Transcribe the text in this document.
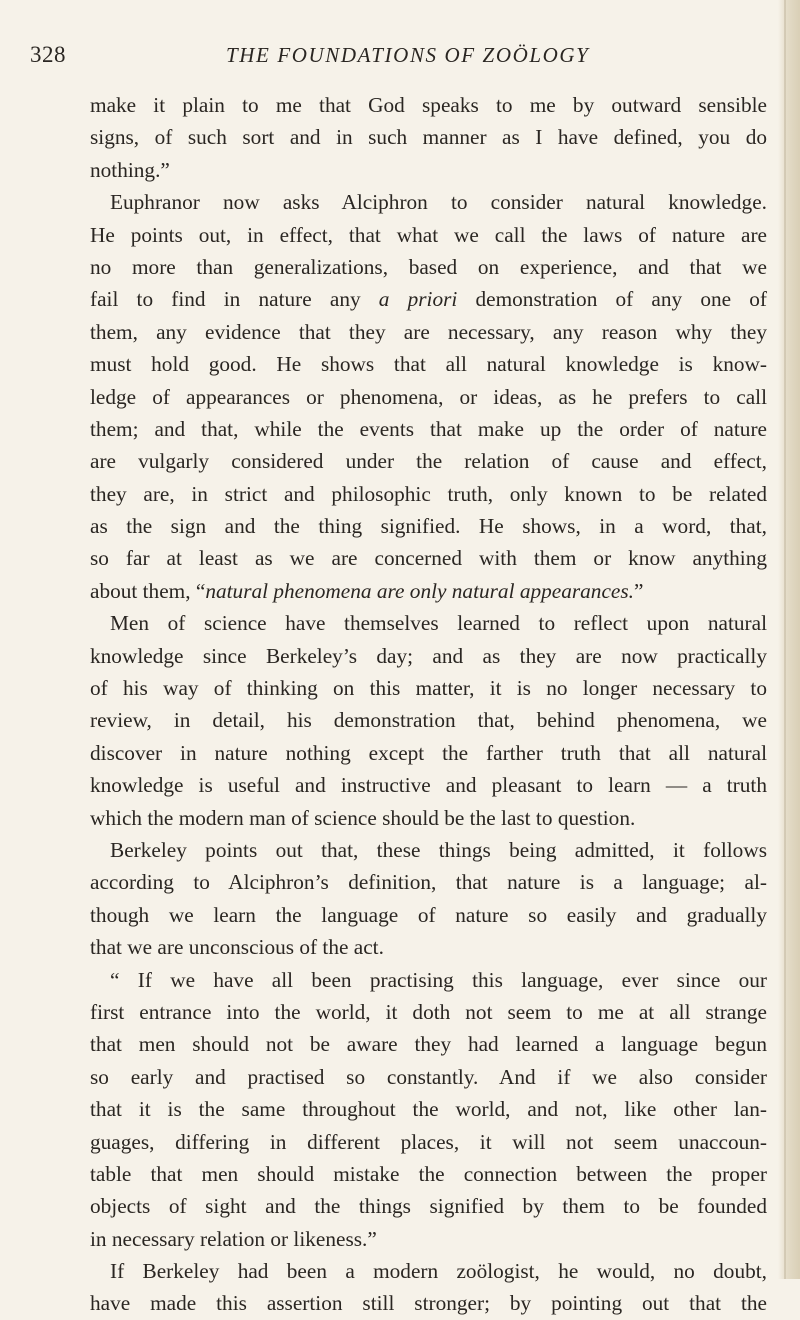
328	THE FOUNDATIONS OF ZOÖLOGY
make it plain to me that God speaks to me by outward sensible
signs, of such sort and in such manner as I have defined, you do
nothing.”
Euphranor now asks Alciphron to consider natural knowledge.
He points out, in effect, that what we call the laws of nature are
no more than generalizations, based on experience, and that we
fail to find in nature any a priori demonstration of any one of
them, any evidence that they are necessary, any reason why they
must hold good. He shows that all natural knowledge is know-
ledge of appearances or phenomena, or ideas, as he prefers to call
them; and that, while the events that make up the order of nature
are vulgarly considered under the relation of cause and effect,
they are, in strict and philosophic truth, only known to be related
as the sign and the thing signified. He shows, in a word, that,
so far at least as we are concerned with them or know anything
about them, “natural phenomena are only natural appearances.”
Men of science have themselves learned to reflect upon natural
knowledge since Berkeley’s day; and as they are now practically
of his way of thinking on this matter, it is no longer necessary to
review, in detail, his demonstration that, behind phenomena, we
discover in nature nothing except the farther truth that all natural
knowledge is useful and instructive and pleasant to learn — a truth
which the modern man of science should be the last to question.
Berkeley points out that, these things being admitted, it follows
according to Alciphron’s definition, that nature is a language; al-
though we learn the language of nature so easily and gradually
that we are unconscious of the act.
“ If we have all been practising this language, ever since our
first entrance into the world, it doth not seem to me at all strange
that men should not be aware they had learned a language begun
so early and practised so constantly. And if we also consider
that it is the same throughout the world, and not, like other lan-
guages, differing in different places, it will not seem unaccoun-
table that men should mistake the connection between the proper
objects of sight and the things signified by them to be founded
in necessary relation or likeness.”
If Berkeley had been a modern zoölogist, he would, no doubt,
have made this assertion still stronger; by pointing out that the
